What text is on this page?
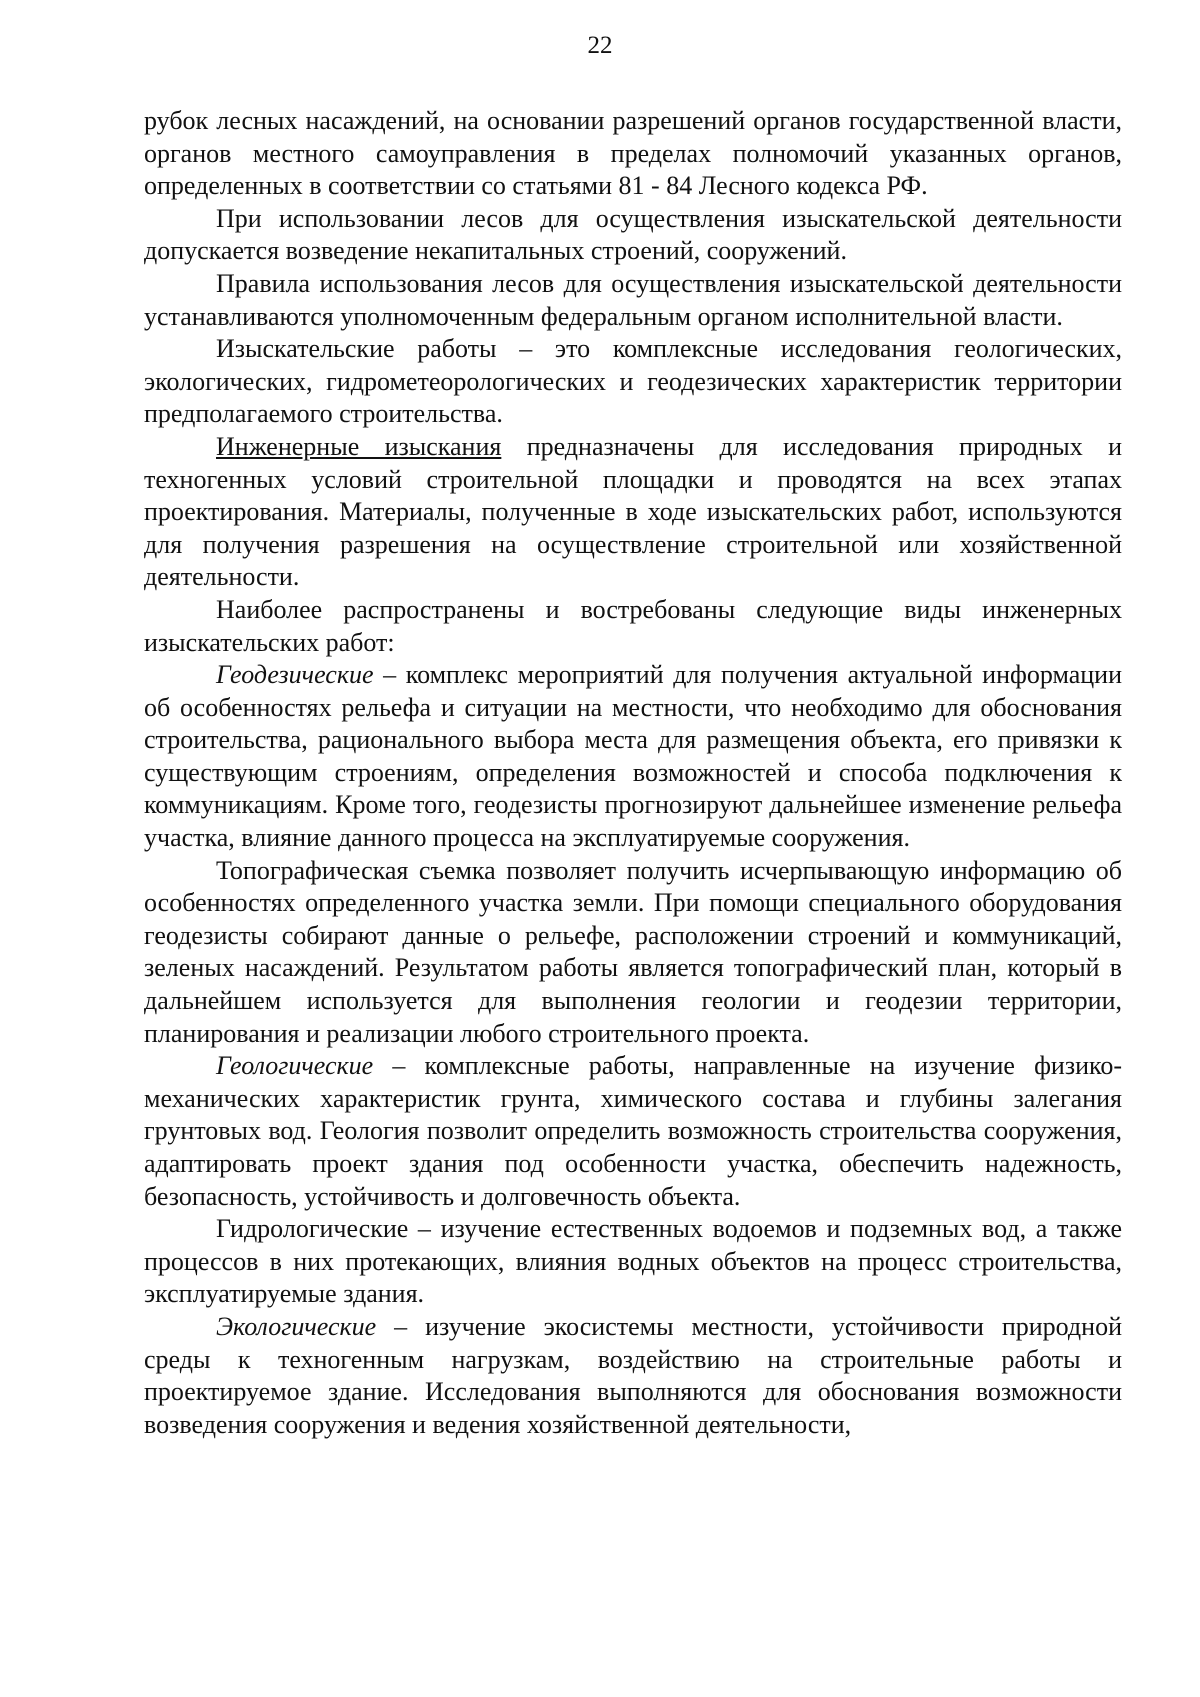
22

рубок лесных насаждений, на основании разрешений органов государственной власти, органов местного самоуправления в пределах полномочий указанных органов, определенных в соответствии со статьями 81 - 84 Лесного кодекса РФ.

При использовании лесов для осуществления изыскательской деятельности допускается возведение некапитальных строений, сооружений.

Правила использования лесов для осуществления изыскательской деятельности устанавливаются уполномоченным федеральным органом исполнительной власти.

Изыскательские работы – это комплексные исследования геологических, экологических, гидрометеорологических и геодезических характеристик территории предполагаемого строительства.

Инженерные изыскания предназначены для исследования природных и техногенных условий строительной площадки и проводятся на всех этапах проектирования. Материалы, полученные в ходе изыскательских работ, используются для получения разрешения на осуществление строительной или хозяйственной деятельности.

Наиболее распространены и востребованы следующие виды инженерных изыскательских работ:

Геодезические – комплекс мероприятий для получения актуальной информации об особенностях рельефа и ситуации на местности, что необходимо для обоснования строительства, рационального выбора места для размещения объекта, его привязки к существующим строениям, определения возможностей и способа подключения к коммуникациям. Кроме того, геодезисты прогнозируют дальнейшее изменение рельефа участка, влияние данного процесса на эксплуатируемые сооружения.

Топографическая съемка позволяет получить исчерпывающую информацию об особенностях определенного участка земли. При помощи специального оборудования геодезисты собирают данные о рельефе, расположении строений и коммуникаций, зеленых насаждений. Результатом работы является топографический план, который в дальнейшем используется для выполнения геологии и геодезии территории, планирования и реализации любого строительного проекта.

Геологические – комплексные работы, направленные на изучение физико-механических характеристик грунта, химического состава и глубины залегания грунтовых вод. Геология позволит определить возможность строительства сооружения, адаптировать проект здания под особенности участка, обеспечить надежность, безопасность, устойчивость и долговечность объекта.

Гидрологические – изучение естественных водоемов и подземных вод, а также процессов в них протекающих, влияния водных объектов на процесс строительства, эксплуатируемые здания.

Экологические – изучение экосистемы местности, устойчивости природной среды к техногенным нагрузкам, воздействию на строительные работы и проектируемое здание. Исследования выполняются для обоснования возможности возведения сооружения и ведения хозяйственной деятельности,
